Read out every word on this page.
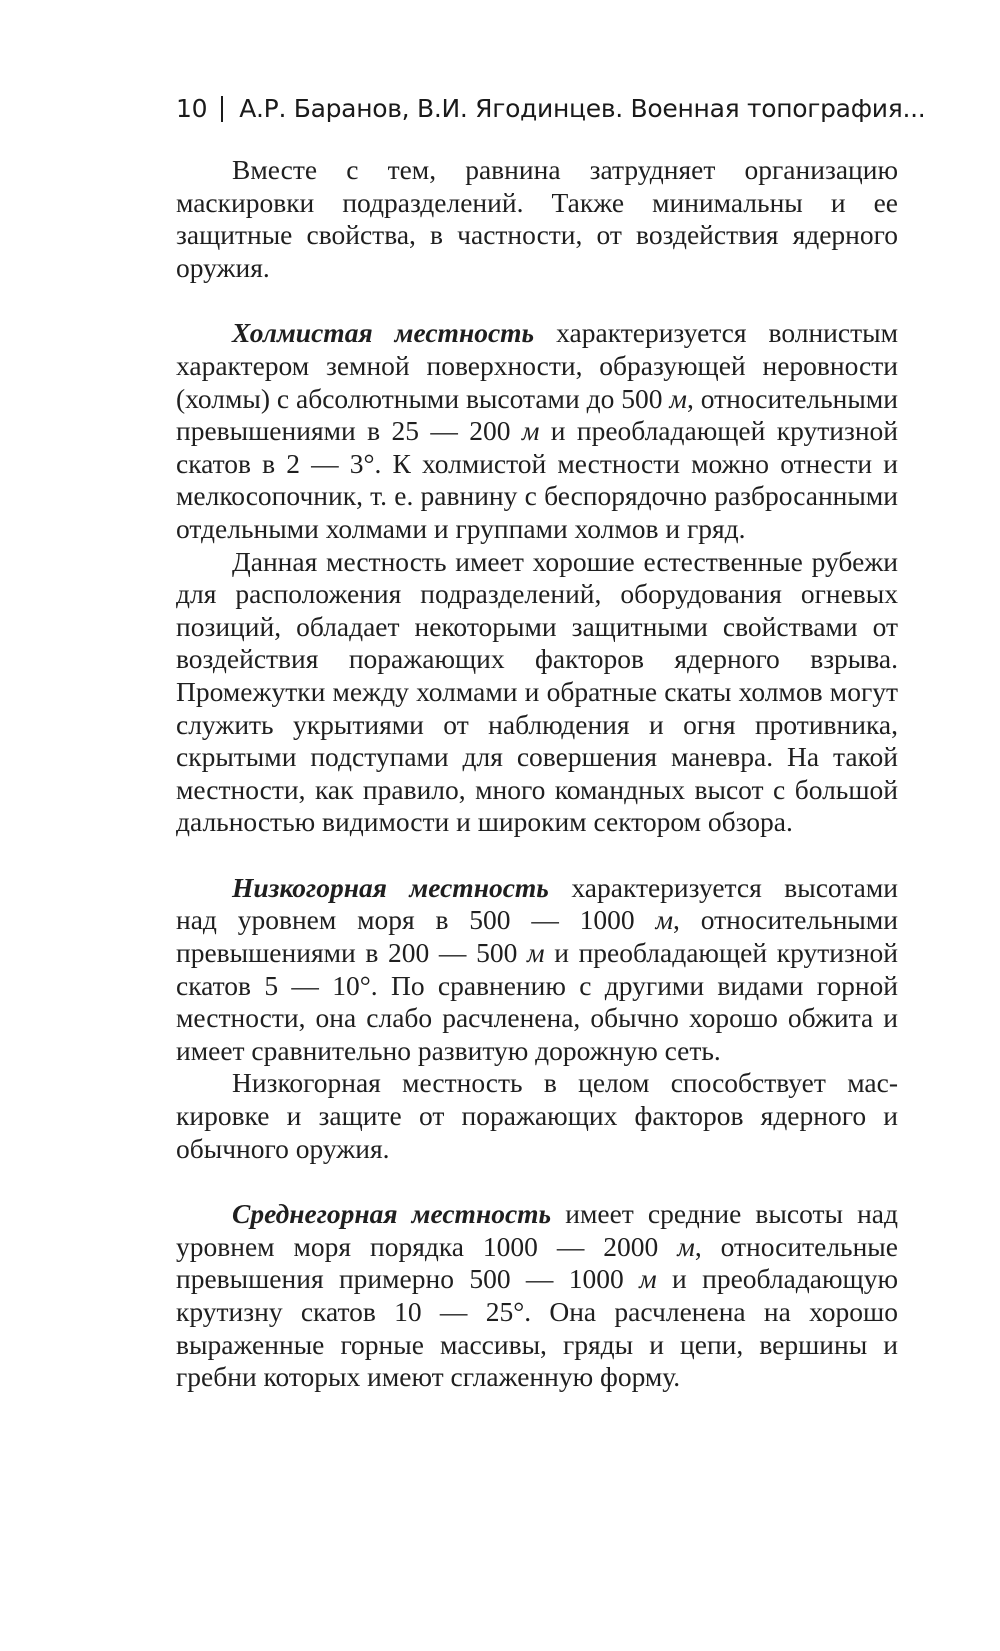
10 А.Р. Баранов, В.И. Ягодинцев. Военная топография...

Вместе с тем, равнина затрудняет организацию маскировки подразделений. Также минимальны и ее защитные свойства, в частности, от воздействия ядерного оружия.

Холмистая местность характеризуется волнистым характером земной поверхности, образующей неровности (холмы) с абсолютными высотами до 500 м, относительными превышениями в 25 — 200 м и преобладающей крутизной скатов в 2 — 3°. К холмистой местности можно отнести и мелкосопочник, т. е. равнину с беспорядочно разбросанными отдельными холмами и группами холмов и гряд.

Данная местность имеет хорошие естественные рубежи для расположения подразделений, оборудования огневых позиций, обладает некоторыми защитными свойствами от воздействия поражающих факторов ядерного взрыва. Промежутки между холмами и обратные скаты холмов могут служить укрытиями от наблюдения и огня противника, скрытыми подступами для совершения маневра. На такой местности, как правило, много командных высот с большой дальностью видимости и широким сектором обзора.

Низкогорная местность характеризуется высотами над уровнем моря в 500 — 1000 м, относительными превышениями в 200 — 500 м и преобладающей крутизной скатов 5 — 10°. По сравнению с другими видами горной местности, она слабо расчленена, обычно хорошо обжита и имеет сравнительно развитую дорожную сеть.

Низкогорная местность в целом способствует маскировке и защите от поражающих факторов ядерного и обычного оружия.

Среднегорная местность имеет средние высоты над уровнем моря порядка 1000 — 2000 м, относительные превышения примерно 500 — 1000 м и преобладающую крутизну скатов 10 — 25°. Она расчленена на хорошо выраженные горные массивы, гряды и цепи, вершины и гребни которых имеют сглаженную форму.
